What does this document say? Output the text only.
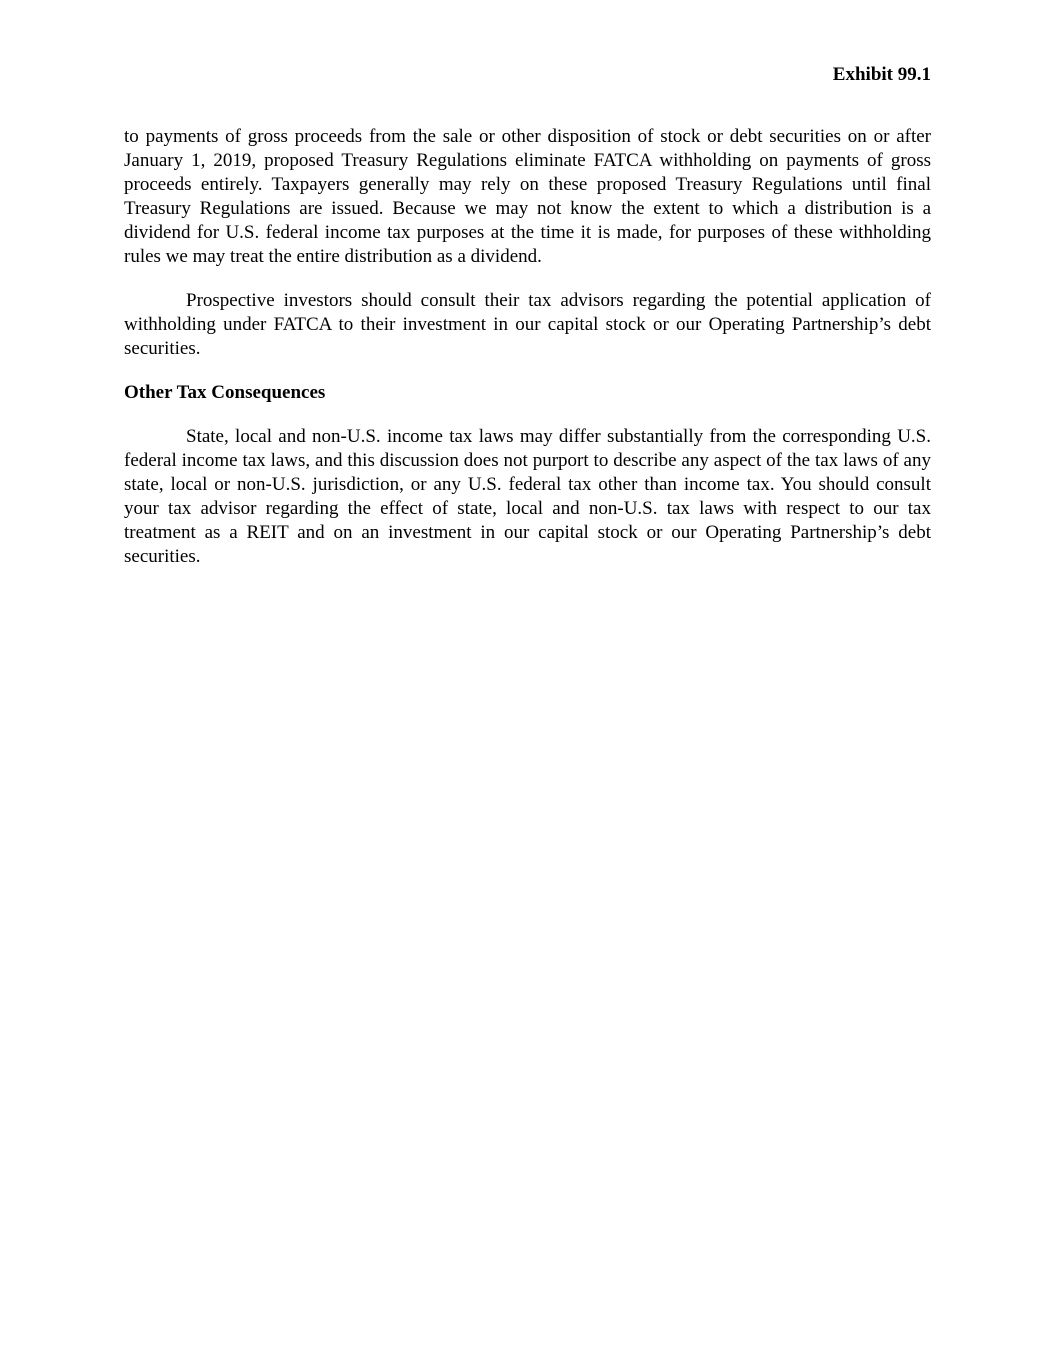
Exhibit 99.1

to payments of gross proceeds from the sale or other disposition of stock or debt securities on or after January 1, 2019, proposed Treasury Regulations eliminate FATCA withholding on payments of gross proceeds entirely. Taxpayers generally may rely on these proposed Treasury Regulations until final Treasury Regulations are issued. Because we may not know the extent to which a distribution is a dividend for U.S. federal income tax purposes at the time it is made, for purposes of these withholding rules we may treat the entire distribution as a dividend.

Prospective investors should consult their tax advisors regarding the potential application of withholding under FATCA to their investment in our capital stock or our Operating Partnership’s debt securities.

Other Tax Consequences

State, local and non-U.S. income tax laws may differ substantially from the corresponding U.S. federal income tax laws, and this discussion does not purport to describe any aspect of the tax laws of any state, local or non-U.S. jurisdiction, or any U.S. federal tax other than income tax. You should consult your tax advisor regarding the effect of state, local and non-U.S. tax laws with respect to our tax treatment as a REIT and on an investment in our capital stock or our Operating Partnership’s debt securities.
